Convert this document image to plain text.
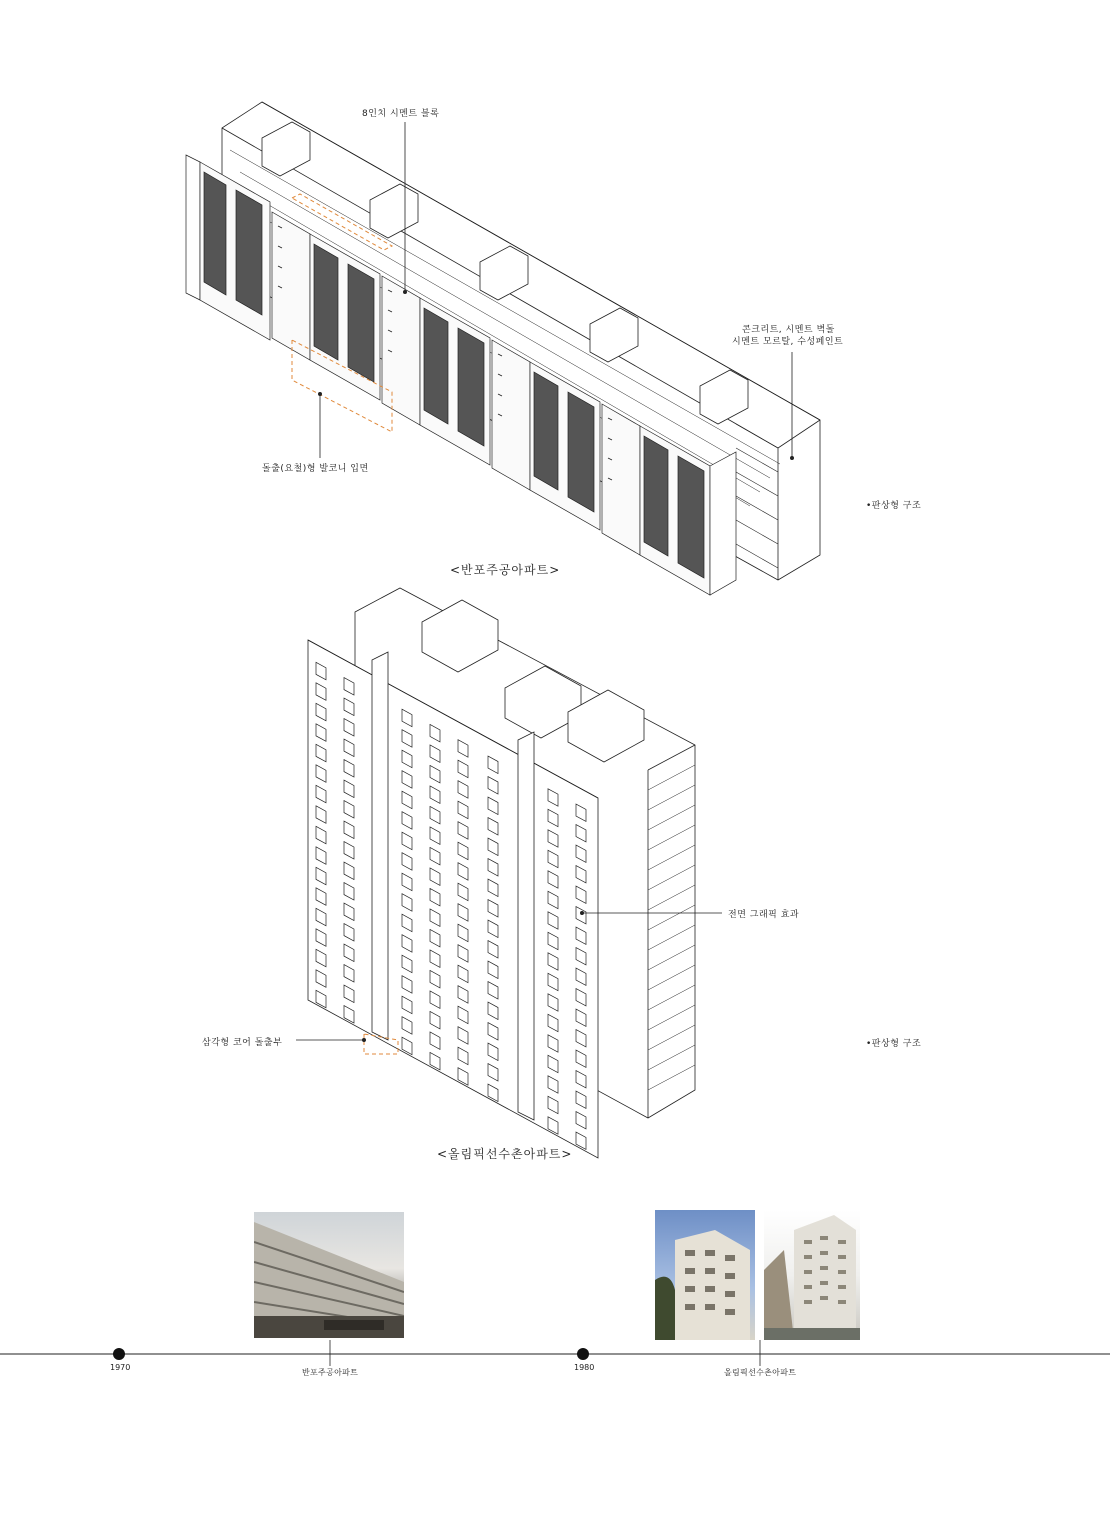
8인치 시멘트 블록
콘크리트, 시멘트 벽돌
시멘트 모르탈, 수성페인트
돌출(요철)형 발코니 입면
•판상형 구조
<반포주공아파트>
전면 그래픽 효과
삼각형 코어 돌출부	•판상형 구조
<올림픽선수촌아파트>
1970	1980
반포주공아파트	올림픽선수촌아파트
